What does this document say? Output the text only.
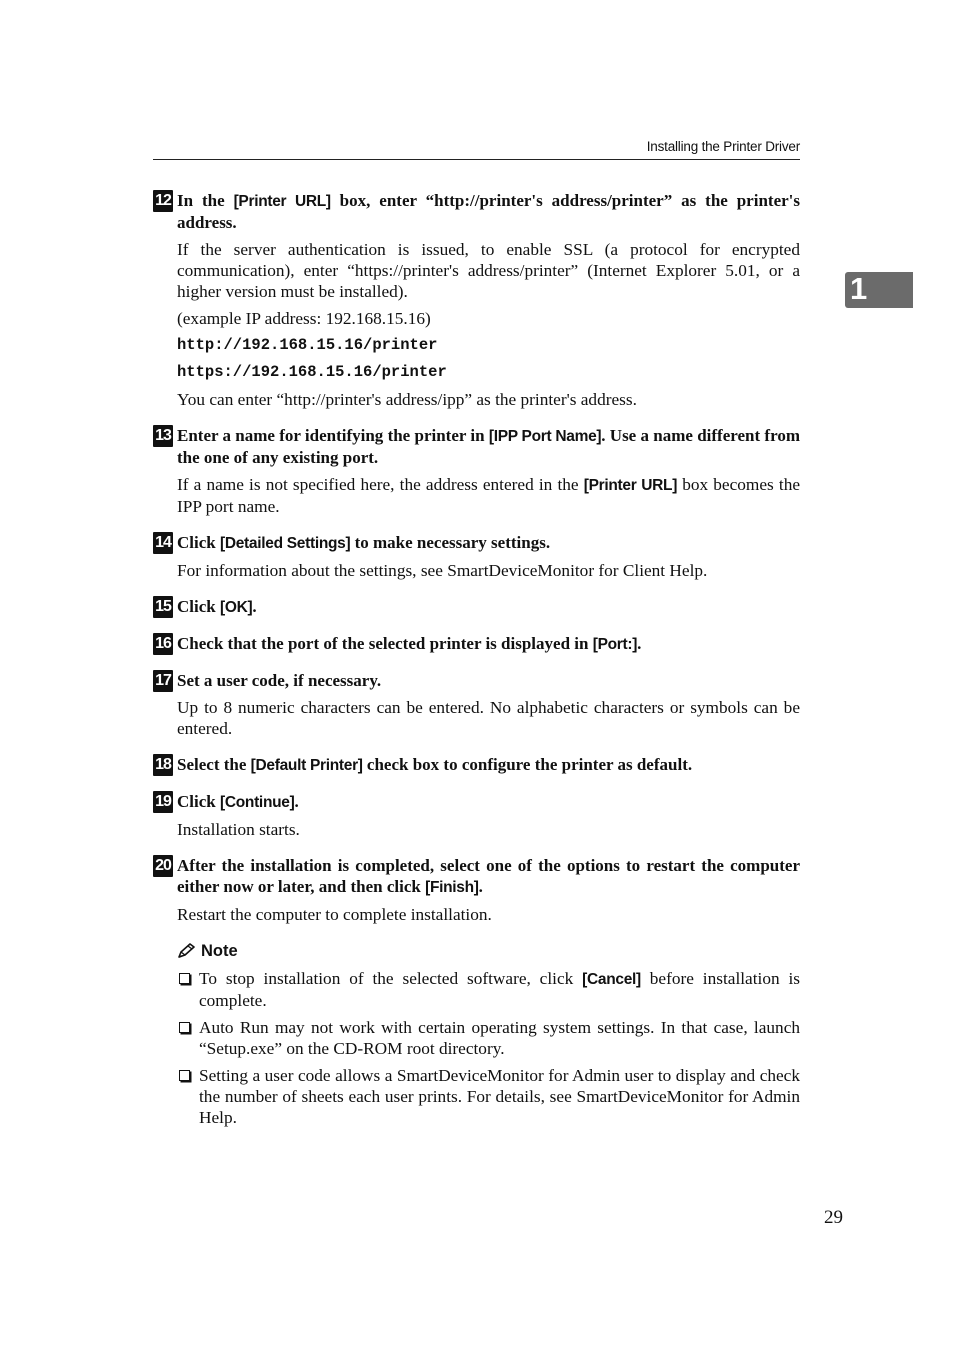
Installing the Printer Driver
1
12 In the [Printer URL] box, enter “http://printer's address/printer” as the printer's address.
If the server authentication is issued, to enable SSL (a protocol for encrypted communication), enter “https://printer's address/printer” (Internet Explorer 5.01, or a higher version must be installed).
(example IP address: 192.168.15.16)
http://192.168.15.16/printer
https://192.168.15.16/printer
You can enter “http://printer's address/ipp” as the printer's address.
13 Enter a name for identifying the printer in [IPP Port Name]. Use a name different from the one of any existing port.
If a name is not specified here, the address entered in the [Printer URL] box becomes the IPP port name.
14 Click [Detailed Settings] to make necessary settings.
For information about the settings, see SmartDeviceMonitor for Client Help.
15 Click [OK].
16 Check that the port of the selected printer is displayed in [Port:].
17 Set a user code, if necessary.
Up to 8 numeric characters can be entered. No alphabetic characters or symbols can be entered.
18 Select the [Default Printer] check box to configure the printer as default.
19 Click [Continue].
Installation starts.
20 After the installation is completed, select one of the options to restart the computer either now or later, and then click [Finish].
Restart the computer to complete installation.
Note
To stop installation of the selected software, click [Cancel] before installation is complete.
Auto Run may not work with certain operating system settings. In that case, launch “Setup.exe” on the CD-ROM root directory.
Setting a user code allows a SmartDeviceMonitor for Admin user to display and check the number of sheets each user prints. For details, see SmartDeviceMonitor for Admin Help.
29
